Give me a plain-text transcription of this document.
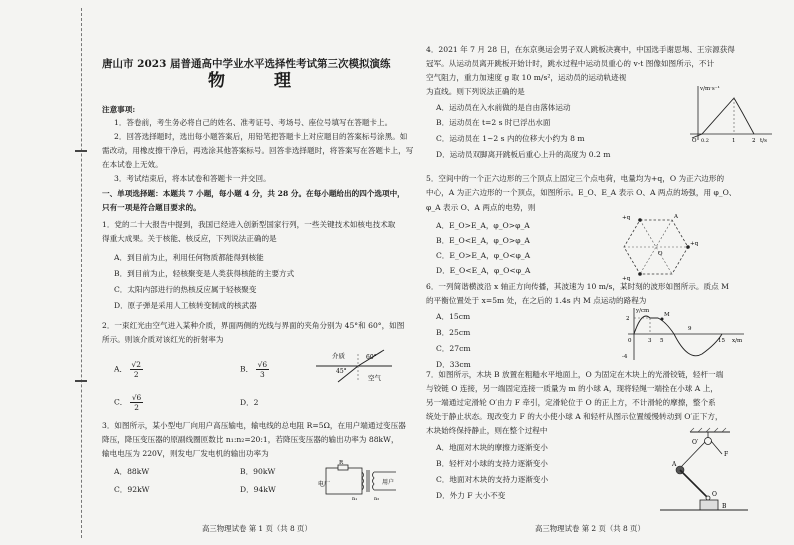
唐山市 2023 届普通高中学业水平选择性考试第三次模拟演练
物　理
注意事项:
1．答卷前，考生务必将自己的姓名、准考证号、考场号、座位号填写在答题卡上。
2．回答选择题时，选出每小题答案后，用铅笔把答题卡上对应题目的答案标号涂黑。如
需改动，用橡皮擦干净后，再选涂其他答案标号。回答非选择题时，将答案写在答题卡上，写
在本试卷上无效。
3．考试结束后，将本试卷和答题卡一并交回。
一、单项选择题：本题共 7 小题，每小题 4 分，共 28 分。在每小题给出的四个选项中，
只有一项是符合题目要求的。
1．党的二十大报告中提到，我国已经进入创新型国家行列，一些关键技术如核电技术取
得重大成果。关于核能、核反应，下列说法正确的是
A．到目前为止，利用任何物质都能得到核能
B．到目前为止，轻核聚变是人类获得核能的主要方式
C．太阳内部进行的热核反应属于轻核聚变
D．原子弹是采用人工核转变制成的核武器
2．一束红光由空气进入某种介质，界面两侧的光线与界面的夹角分别为 45°和 60°，如图
所示。则该介质对该红光的折射率为
A． $\frac{√2}{2}$	B． $\frac{√6}{3}$
C． $\frac{√6}{2}$	D．2
介质
空气
60°
45°
3．如图所示，某小型电厂向用户高压输电，输电线的总电阻 R=5Ω，在用户端通过变压器
降压，降压变压器的原副线圈匝数比 n₁:n₂=20:1，若降压变压器的输出功率为 88kW，
输电电压为 220V，则发电厂发电机的输出功率为
A．88kW	B．90kW
C．92kW	D．94kW
R
电厂	用户
n₁	n₂
高三物理试卷 第 1 页（共 8 页）
4．2021 年 7 月 28 日，在东京奥运会男子双人跳板决赛中，中国选手谢思埸、王宗源获得
冠军。从运动员离开跳板开始计时，跳水过程中运动员重心的 v-t 图像如图所示，不计
空气阻力，重力加速度 g 取 10 m/s²，运动员的运动轨迹视
为直线。则下列说法正确的是
A．运动员在入水前做的是自由落体运动
B．运动员在 t=2 s 时已浮出水面
C．运动员在 1~2 s 内的位移大小约为 8 m
D．运动员双脚离开跳板后重心上升的高度为 0.2 m
v/m·s⁻¹
t/s
O 0.2	1	2
5．空间中的一个正六边形的三个顶点上固定三个点电荷，电量均为+q，O 为正六边形的
中心，A 为正六边形的一个顶点，如图所示。E_O、E_A 表示 O、A 两点的场强，用 φ_O、
φ_A 表示 O、A 两点的电势，则
A．E_O>E_A，φ_O>φ_A
B．E_O<E_A，φ_O>φ_A
C．E_O>E_A，φ_O<φ_A
D．E_O<E_A，φ_O<φ_A
+q
+q
+q
A
O
6．一列简谐横波沿 x 轴正方向传播，其波速为 10 m/s，某时刻的波形如图所示。质点 M
的平衡位置处于 x=5m 处，在之后的 1.4s 内 M 点运动的路程为
A．15cm
B．25cm
C．27cm
D．33cm
y/cm
x/m
2
0
-4
3 5
9
15
M
7．如图所示，木块 B 放置在粗糙水平地面上，O 为固定在木块上的光滑铰链，轻杆一端
与铰链 O 连接，另一端固定连接一质量为 m 的小球 A，现将轻绳一端拴在小球 A 上，
另一端通过定滑轮 O′由力 F 牵引，定滑轮位于 O 的正上方，不计滑轮的摩擦，整个系
统处于静止状态。现改变力 F 的大小使小球 A 和轻杆从图示位置缓慢转动到 O′正下方，
木块始终保持静止，则在整个过程中
A．地面对木块的摩擦力逐渐变小
B．轻杆对小球的支持力逐渐变小
C．地面对木块的支持力逐渐变小
D．外力 F 大小不变
O′
A
O
B
F
高三物理试卷 第 2 页（共 8 页）
